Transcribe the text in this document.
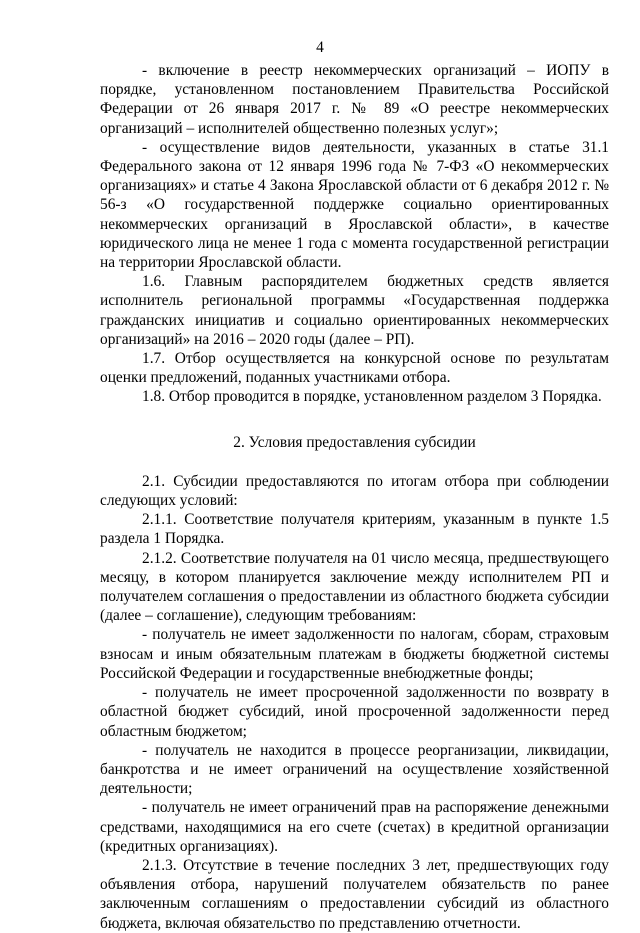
4

- включение в реестр некоммерческих организаций – ИОПУ в порядке, установленном постановлением Правительства Российской Федерации от 26 января 2017 г. № 89 «О реестре некоммерческих организаций – исполнителей общественно полезных услуг»;

- осуществление видов деятельности, указанных в статье 31.1 Федерального закона от 12 января 1996 года № 7-ФЗ «О некоммерческих организациях» и статье 4 Закона Ярославской области от 6 декабря 2012 г. № 56-з «О государственной поддержке социально ориентированных некоммерческих организаций в Ярославской области», в качестве юридического лица не менее 1 года с момента государственной регистрации на территории Ярославской области.

1.6. Главным распорядителем бюджетных средств является исполнитель региональной программы «Государственная поддержка гражданских инициатив и социально ориентированных некоммерческих организаций» на 2016 – 2020 годы (далее – РП).

1.7. Отбор осуществляется на конкурсной основе по результатам оценки предложений, поданных участниками отбора.

1.8. Отбор проводится в порядке, установленном разделом 3 Порядка.

2. Условия предоставления субсидии

2.1. Субсидии предоставляются по итогам отбора при соблюдении следующих условий:

2.1.1. Соответствие получателя критериям, указанным в пункте 1.5 раздела 1 Порядка.

2.1.2. Соответствие получателя на 01 число месяца, предшествующего месяцу, в котором планируется заключение между исполнителем РП и получателем соглашения о предоставлении из областного бюджета субсидии (далее – соглашение), следующим требованиям:

- получатель не имеет задолженности по налогам, сборам, страховым взносам и иным обязательным платежам в бюджеты бюджетной системы Российской Федерации и государственные внебюджетные фонды;

- получатель не имеет просроченной задолженности по возврату в областной бюджет субсидий, иной просроченной задолженности перед областным бюджетом;

- получатель не находится в процессе реорганизации, ликвидации, банкротства и не имеет ограничений на осуществление хозяйственной деятельности;

- получатель не имеет ограничений прав на распоряжение денежными средствами, находящимися на его счете (счетах) в кредитной организации (кредитных организациях).

2.1.3. Отсутствие в течение последних 3 лет, предшествующих году объявления отбора, нарушений получателем обязательств по ранее заключенным соглашениям о предоставлении субсидий из областного бюджета, включая обязательство по представлению отчетности.
